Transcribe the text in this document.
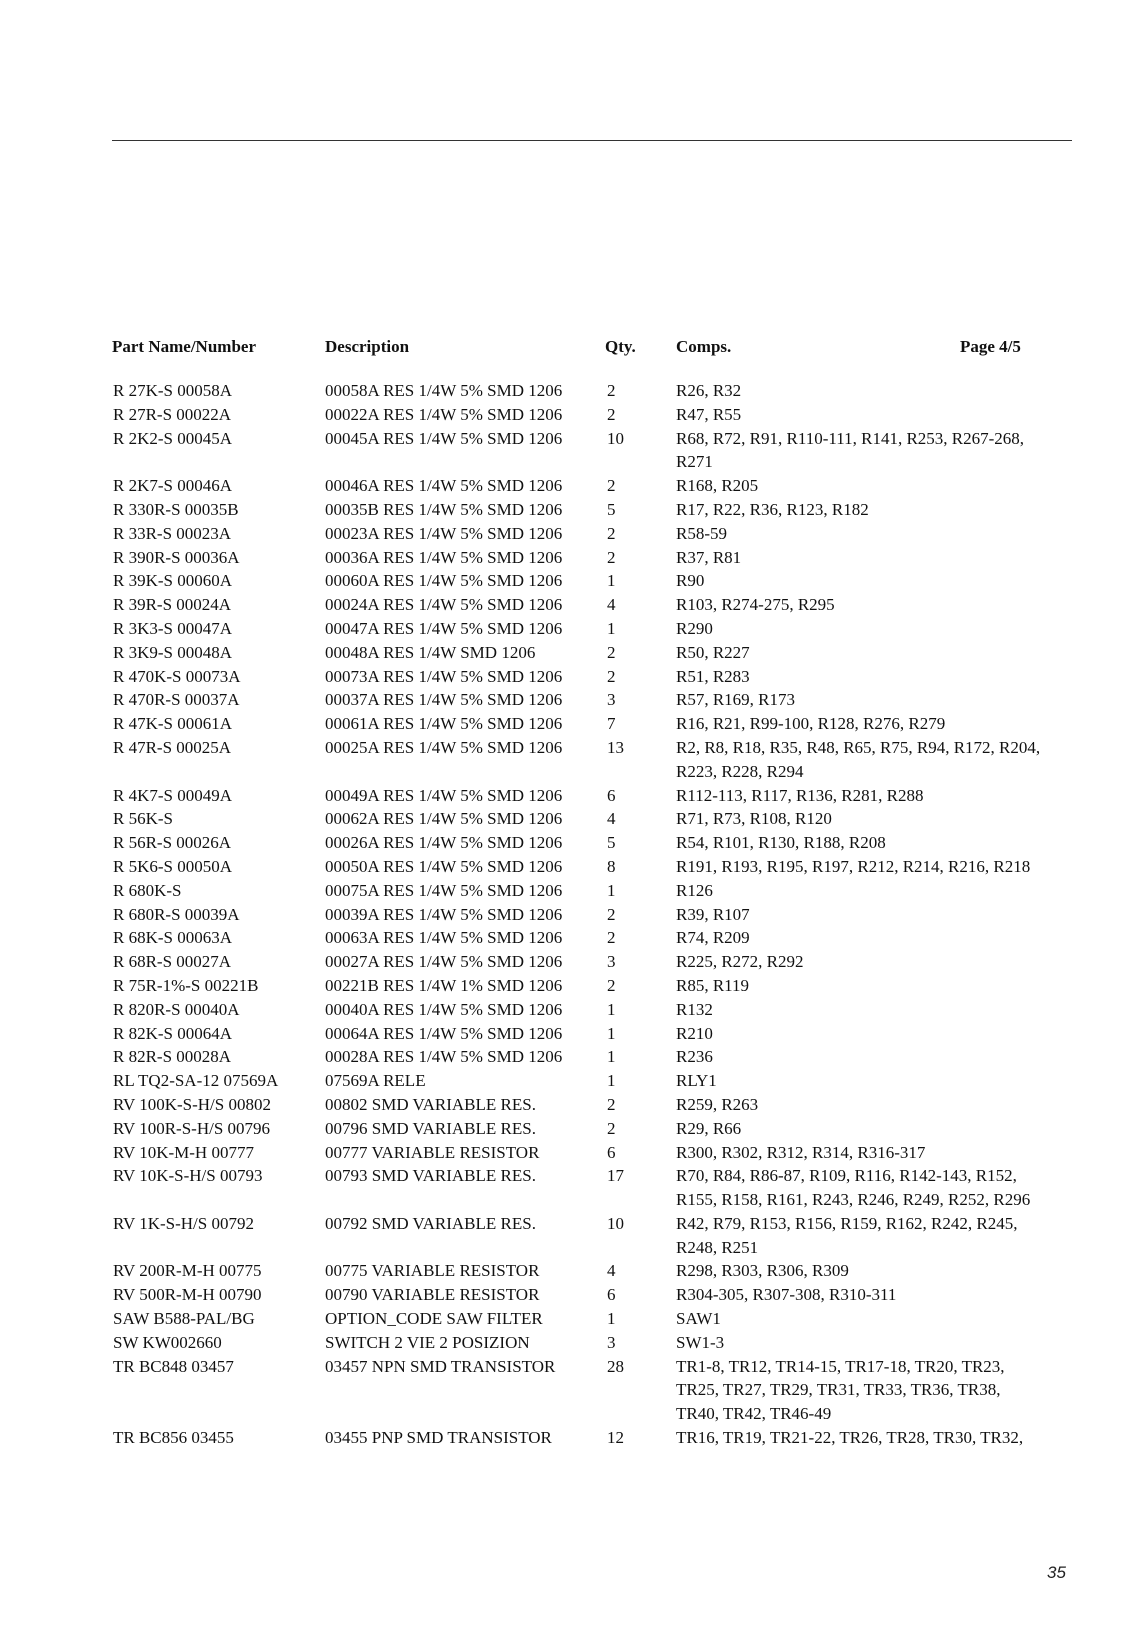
Part Name/Number	Description	Qty. Comps.	Page 4/5
R 27K-S 00058A	00058A RES 1/4W 5% SMD 1206	2	R26, R32
R 27R-S 00022A	00022A RES 1/4W 5% SMD 1206	2	R47, R55
R 2K2-S 00045A	00045A RES 1/4W 5% SMD 1206	10	R68, R72, R91, R110-111, R141, R253, R267-268,
R271
R 2K7-S 00046A	00046A RES 1/4W 5% SMD 1206	2	R168, R205
R 330R-S 00035B	00035B RES 1/4W 5% SMD 1206	5	R17, R22, R36, R123, R182
R 33R-S 00023A	00023A RES 1/4W 5% SMD 1206	2	R58-59
R 390R-S 00036A	00036A RES 1/4W 5% SMD 1206	2	R37, R81
R 39K-S 00060A	00060A RES 1/4W 5% SMD 1206	1	R90
R 39R-S 00024A	00024A RES 1/4W 5% SMD 1206	4	R103, R274-275, R295
R 3K3-S 00047A	00047A RES 1/4W 5% SMD 1206	1	R290
R 3K9-S 00048A	00048A RES 1/4W SMD 1206	2	R50, R227
R 470K-S 00073A	00073A RES 1/4W 5% SMD 1206	2	R51, R283
R 470R-S 00037A	00037A RES 1/4W 5% SMD 1206	3	R57, R169, R173
R 47K-S 00061A	00061A RES 1/4W 5% SMD 1206	7	R16, R21, R99-100, R128, R276, R279
R 47R-S 00025A	00025A RES 1/4W 5% SMD 1206	13	R2, R8, R18, R35, R48, R65, R75, R94, R172, R204,
R223, R228, R294
R 4K7-S 00049A	00049A RES 1/4W 5% SMD 1206	6	R112-113, R117, R136, R281, R288
R 56K-S	00062A RES 1/4W 5% SMD 1206	4	R71, R73, R108, R120
R 56R-S 00026A	00026A RES 1/4W 5% SMD 1206	5	R54, R101, R130, R188, R208
R 5K6-S 00050A	00050A RES 1/4W 5% SMD 1206	8	R191, R193, R195, R197, R212, R214, R216, R218
R 680K-S	00075A RES 1/4W 5% SMD 1206	1	R126
R 680R-S 00039A	00039A RES 1/4W 5% SMD 1206	2	R39, R107
R 68K-S 00063A	00063A RES 1/4W 5% SMD 1206	2	R74, R209
R 68R-S 00027A	00027A RES 1/4W 5% SMD 1206	3	R225, R272, R292
R 75R-1%-S 00221B	00221B RES 1/4W 1% SMD 1206	2	R85, R119
R 820R-S 00040A	00040A RES 1/4W 5% SMD 1206	1	R132
R 82K-S 00064A	00064A RES 1/4W 5% SMD 1206	1	R210
R 82R-S 00028A	00028A RES 1/4W 5% SMD 1206	1	R236
RL TQ2-SA-12 07569A	07569A RELE	1	RLY1
RV 100K-S-H/S 00802	00802 SMD VARIABLE RES.	2	R259, R263
RV 100R-S-H/S 00796	00796 SMD VARIABLE RES.	2	R29, R66
RV 10K-M-H 00777	00777 VARIABLE RESISTOR	6	R300, R302, R312, R314, R316-317
RV 10K-S-H/S 00793	00793 SMD VARIABLE RES.	17	R70, R84, R86-87, R109, R116, R142-143, R152,
R155, R158, R161, R243, R246, R249, R252, R296
RV 1K-S-H/S 00792	00792 SMD VARIABLE RES.	10	R42, R79, R153, R156, R159, R162, R242, R245,
R248, R251
RV 200R-M-H 00775	00775 VARIABLE RESISTOR	4	R298, R303, R306, R309
RV 500R-M-H 00790	00790 VARIABLE RESISTOR	6	R304-305, R307-308, R310-311
SAW B588-PAL/BG	OPTION_CODE SAW FILTER	1	SAW1
SW KW002660	SWITCH 2 VIE 2 POSIZION	3	SW1-3
TR BC848 03457	03457 NPN SMD TRANSISTOR	28	TR1-8, TR12, TR14-15, TR17-18, TR20, TR23,
TR25, TR27, TR29, TR31, TR33, TR36, TR38,
TR40, TR42, TR46-49
TR BC856 03455	03455 PNP SMD TRANSISTOR	12	TR16, TR19, TR21-22, TR26, TR28, TR30, TR32,
35
